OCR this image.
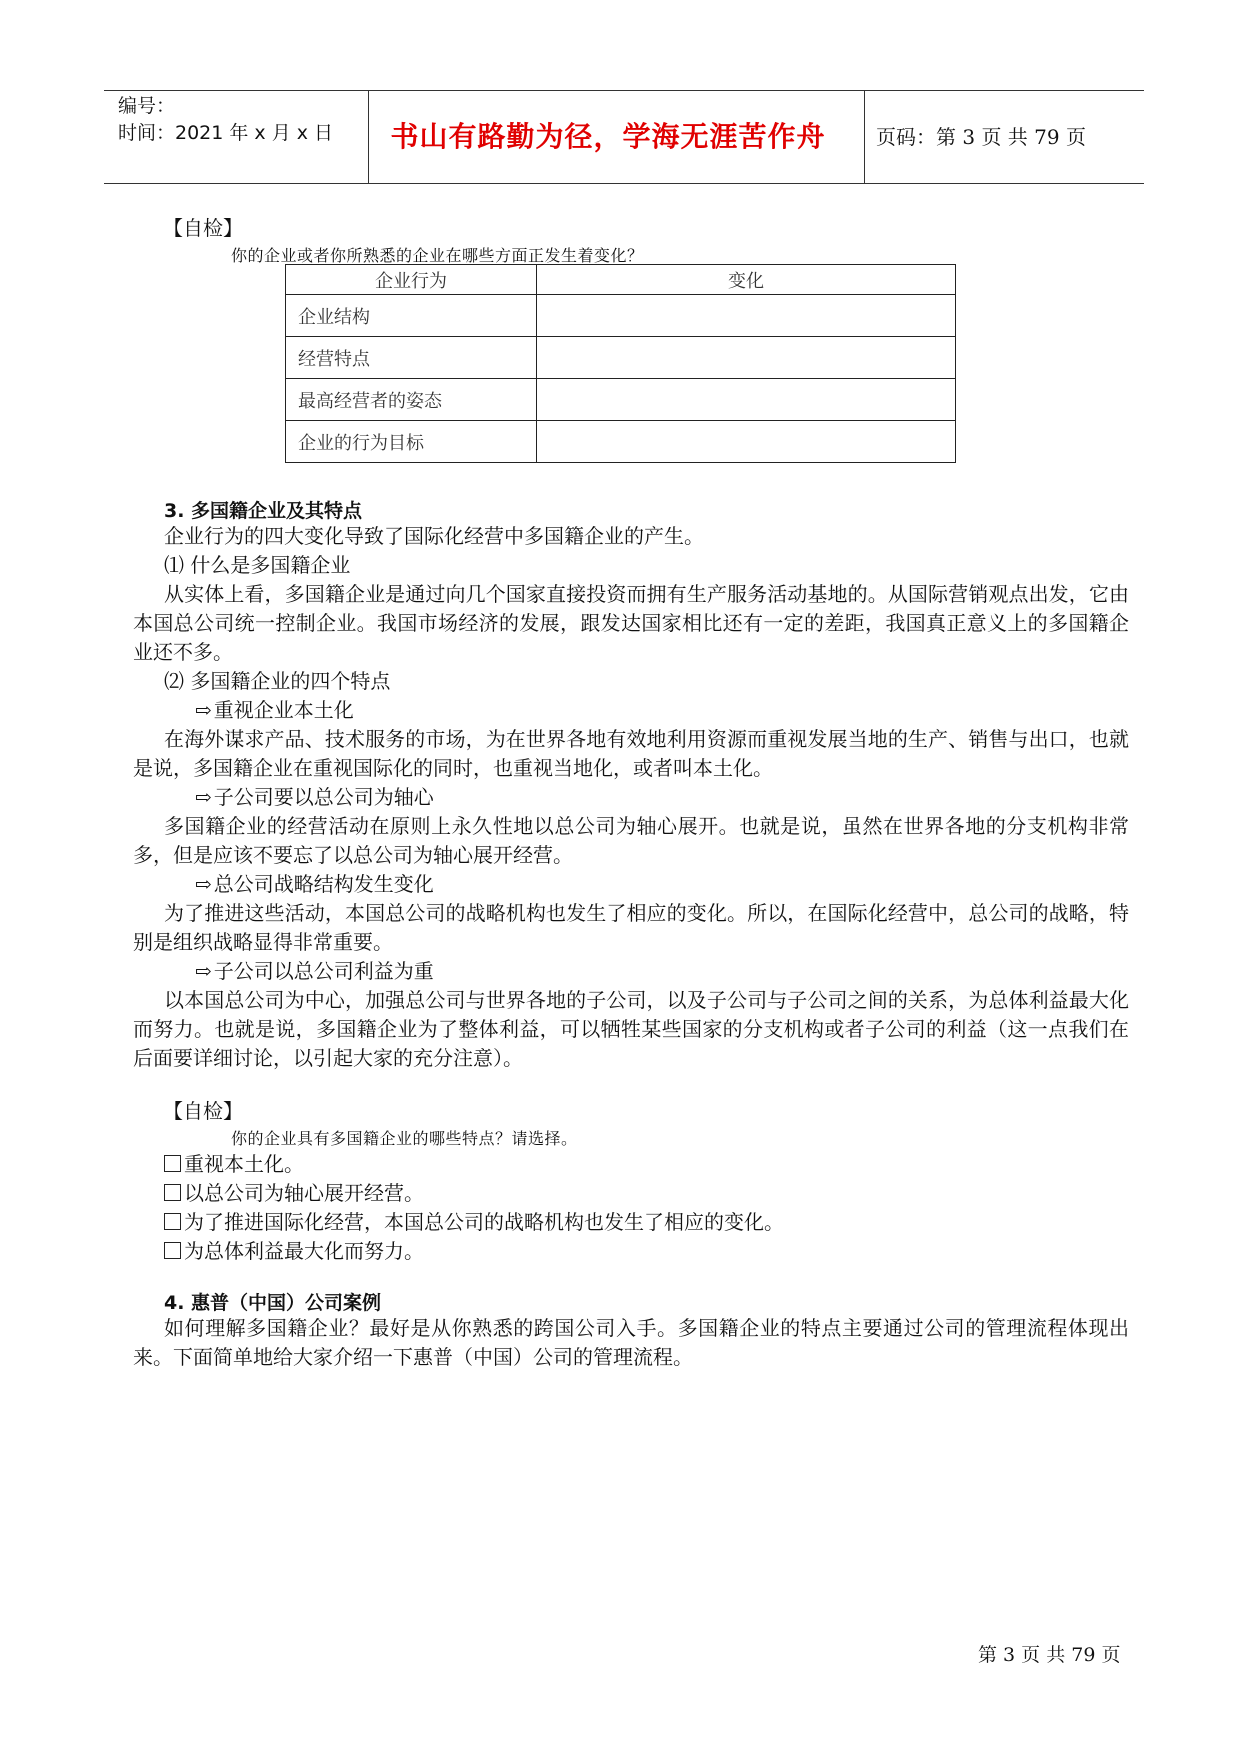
编号：
时间：2021 年 x 月 x 日	书山有路勤为径，学海无涯苦作舟	页码：第 3 页 共 79 页
【自检】
你的企业或者你所熟悉的企业在哪些方面正发生着变化？
企业行为	变化
企业结构	
经营特点	
最高经营者的姿态	
企业的行为目标	
3. 多国籍企业及其特点
企业行为的四大变化导致了国际化经营中多国籍企业的产生。
⑴ 什么是多国籍企业
从实体上看，多国籍企业是通过向几个国家直接投资而拥有生产服务活动基地的。从国际营销观点出发，它由本国总公司统一控制企业。我国市场经济的发展，跟发达国家相比还有一定的差距，我国真正意义上的多国籍企业还不多。
⑵ 多国籍企业的四个特点
⇨ 重视企业本土化
在海外谋求产品、技术服务的市场，为在世界各地有效地利用资源而重视发展当地的生产、销售与出口，也就是说，多国籍企业在重视国际化的同时，也重视当地化，或者叫本土化。
⇨ 子公司要以总公司为轴心
多国籍企业的经营活动在原则上永久性地以总公司为轴心展开。也就是说，虽然在世界各地的分支机构非常多，但是应该不要忘了以总公司为轴心展开经营。
⇨ 总公司战略结构发生变化
为了推进这些活动，本国总公司的战略机构也发生了相应的变化。所以，在国际化经营中，总公司的战略，特别是组织战略显得非常重要。
⇨ 子公司以总公司利益为重
以本国总公司为中心，加强总公司与世界各地的子公司，以及子公司与子公司之间的关系，为总体利益最大化而努力。也就是说，多国籍企业为了整体利益，可以牺牲某些国家的分支机构或者子公司的利益（这一点我们在后面要详细讨论，以引起大家的充分注意）。
【自检】
你的企业具有多国籍企业的哪些特点？请选择。
重视本土化。
以总公司为轴心展开经营。
为了推进国际化经营，本国总公司的战略机构也发生了相应的变化。
为总体利益最大化而努力。
4. 惠普（中国）公司案例
如何理解多国籍企业？最好是从你熟悉的跨国公司入手。多国籍企业的特点主要通过公司的管理流程体现出来。下面简单地给大家介绍一下惠普（中国）公司的管理流程。
第 3 页 共 79 页
